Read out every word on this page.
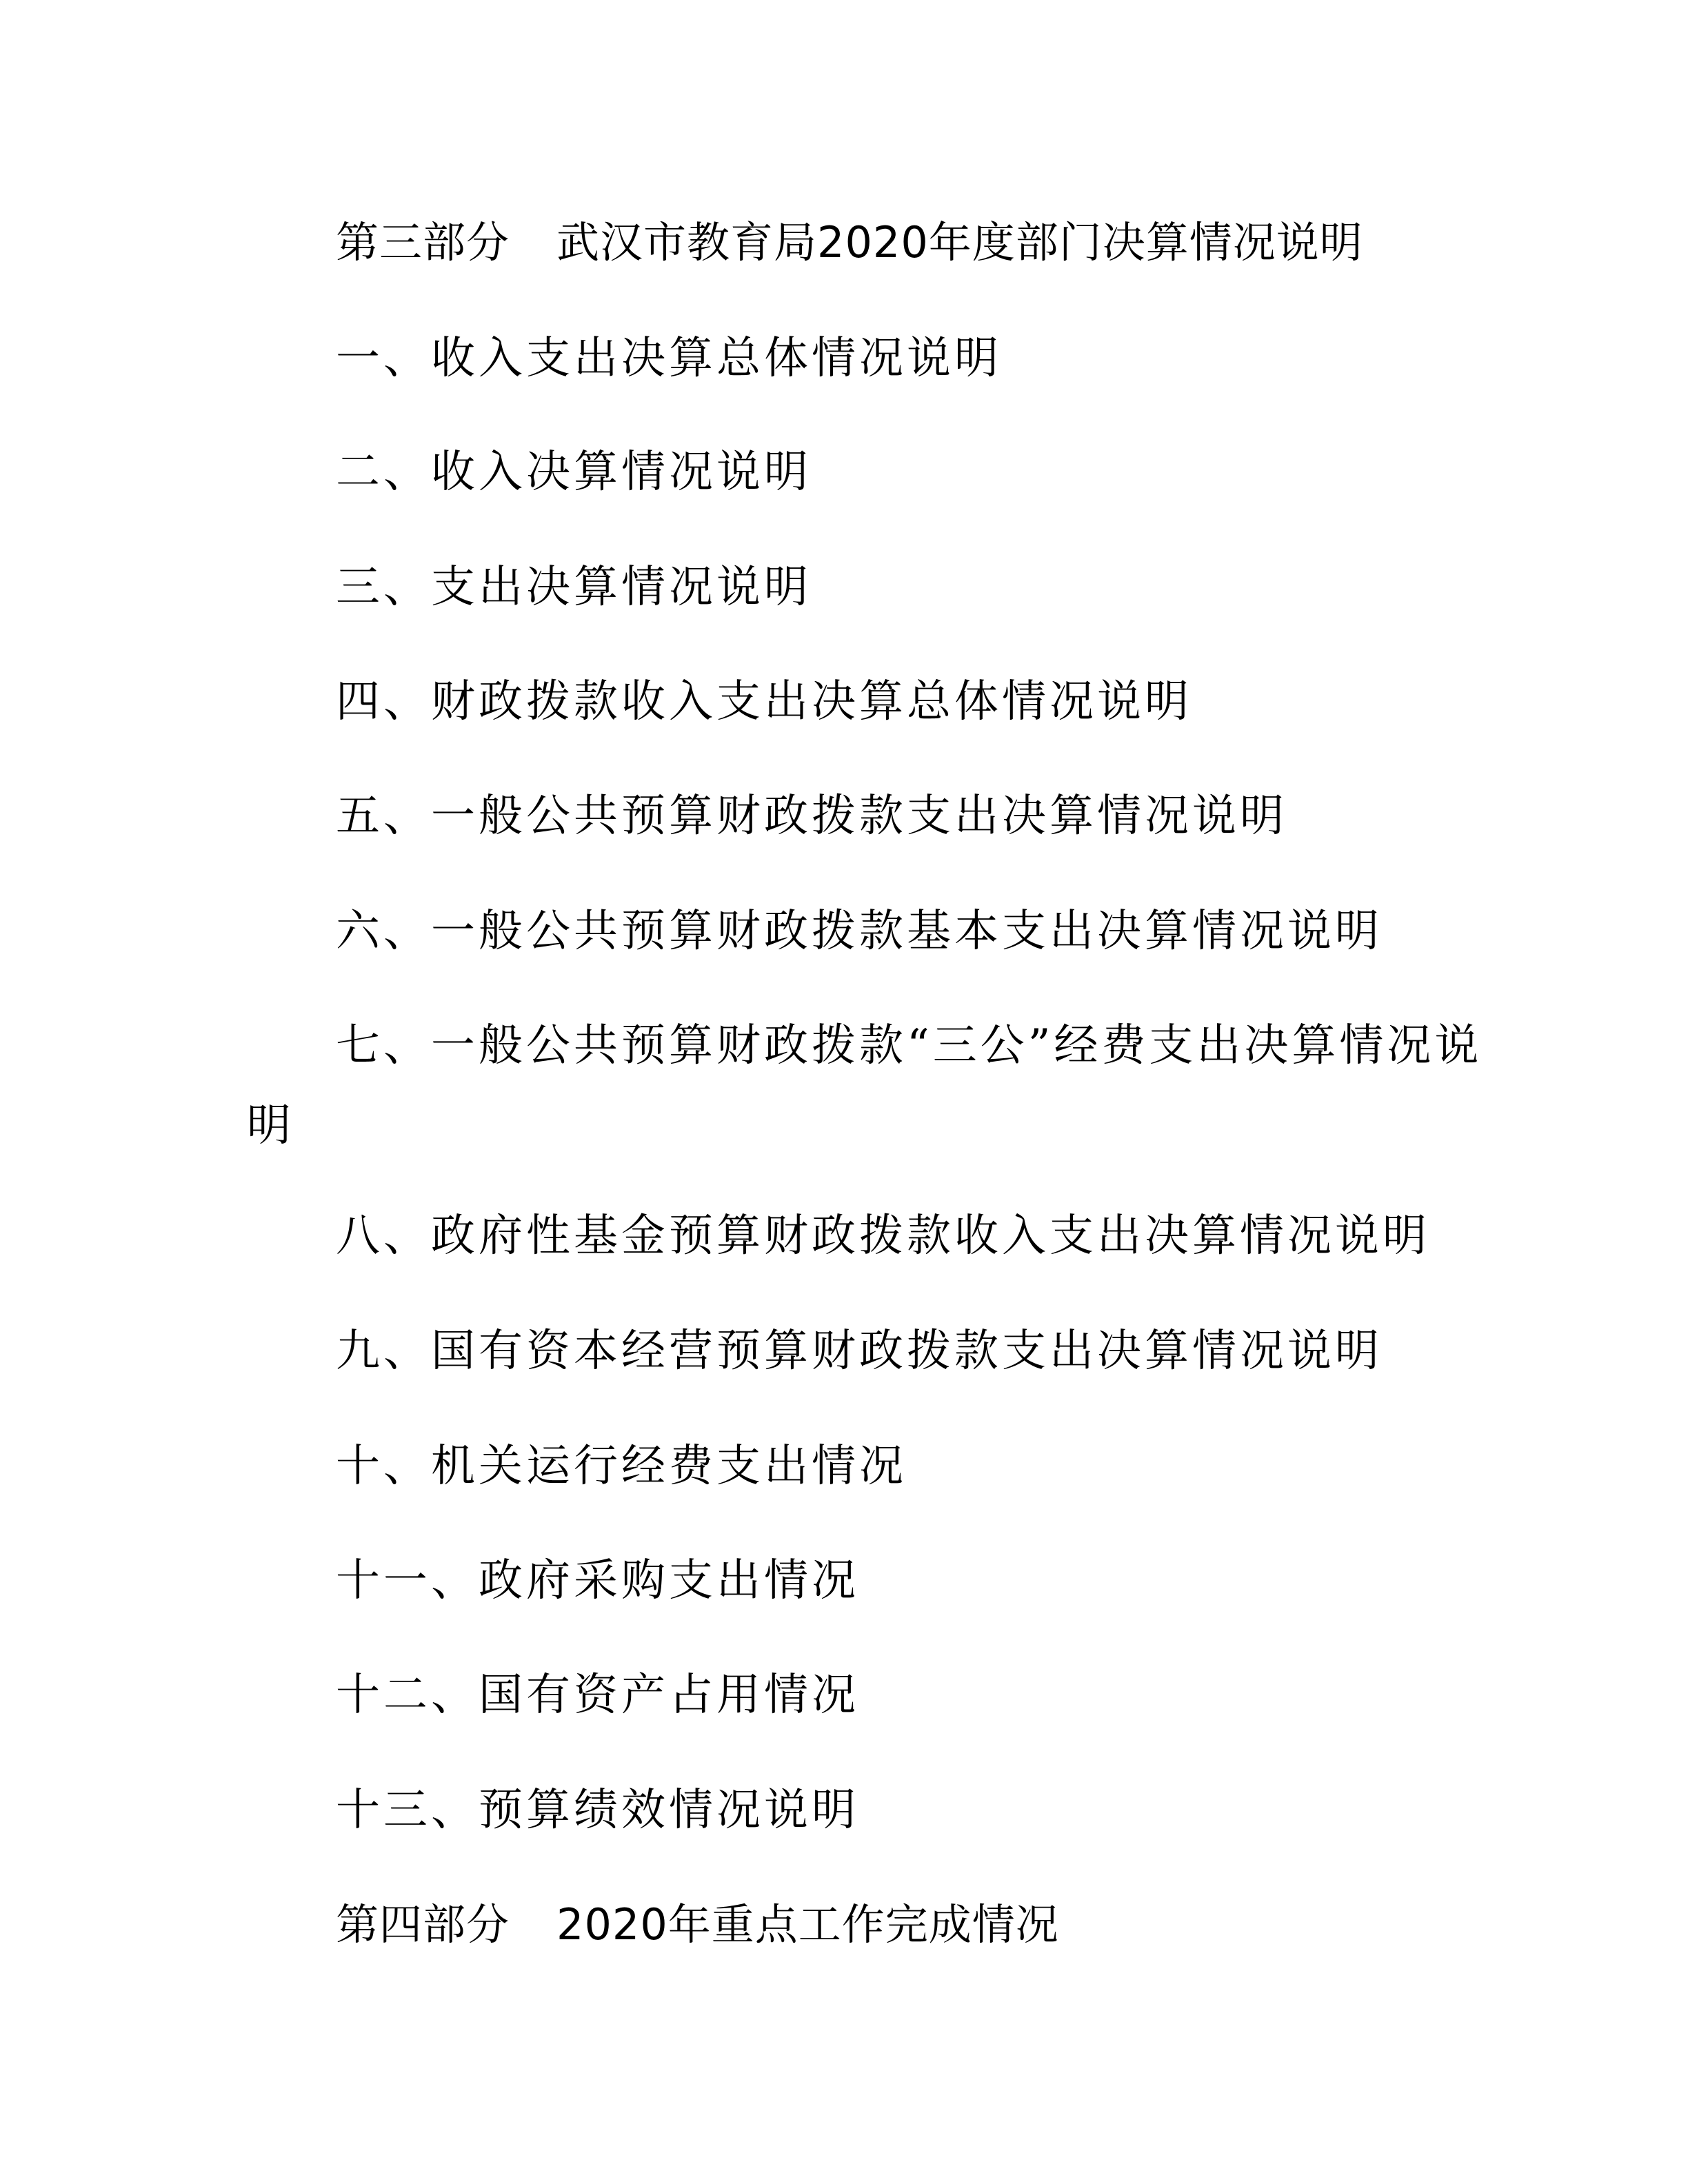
第三部分 武汉市教育局2020年度部门决算情况说明
一、收入支出决算总体情况说明
二、收入决算情况说明
三、支出决算情况说明
四、财政拨款收入支出决算总体情况说明
五、一般公共预算财政拨款支出决算情况说明
六、一般公共预算财政拨款基本支出决算情况说明
七、一般公共预算财政拨款“三公”经费支出决算情况说
明
八、政府性基金预算财政拨款收入支出决算情况说明
九、国有资本经营预算财政拨款支出决算情况说明
十、机关运行经费支出情况
十一、政府采购支出情况
十二、国有资产占用情况
十三、预算绩效情况说明
第四部分 2020年重点工作完成情况
